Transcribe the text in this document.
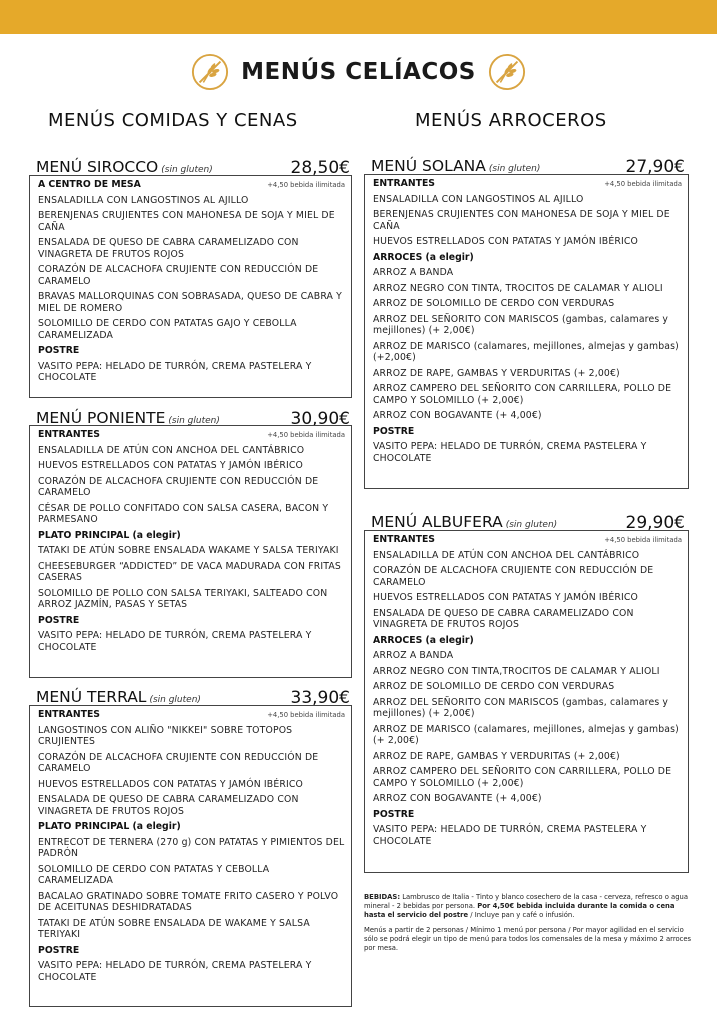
MENÚS CELÍACOS
MENÚS COMIDAS Y CENAS	MENÚS ARROCEROS
MENÚ SIROCCO (sin gluten)	28,50€
A CENTRO DE MESA	+4,50 bebida ilimitada
ENSALADILLA CON LANGOSTINOS AL AJILLO
BERENJENAS CRUJIENTES CON MAHONESA DE SOJA Y MIEL DE CAÑA
ENSALADA DE QUESO DE CABRA CARAMELIZADO CON VINAGRETA DE FRUTOS ROJOS
CORAZÓN DE ALCACHOFA CRUJIENTE CON REDUCCIÓN DE CARAMELO
BRAVAS MALLORQUINAS CON SOBRASADA, QUESO DE CABRA Y MIEL DE ROMERO
SOLOMILLO DE CERDO CON PATATAS GAJO Y CEBOLLA CARAMELIZADA
POSTRE
VASITO PEPA: HELADO DE TURRÓN, CREMA PASTELERA Y CHOCOLATE
MENÚ PONIENTE (sin gluten)	30,90€
ENTRANTES	+4,50 bebida ilimitada
ENSALADILLA DE ATÚN CON ANCHOA DEL CANTÁBRICO
HUEVOS ESTRELLADOS CON PATATAS Y JAMÓN IBÉRICO
CORAZÓN DE ALCACHOFA CRUJIENTE CON REDUCCIÓN DE CARAMELO
CÉSAR DE POLLO CONFITADO CON SALSA CASERA, BACON Y PARMESANO
PLATO PRINCIPAL (a elegir)
TATAKI DE ATÚN SOBRE ENSALADA WAKAME Y SALSA TERIYAKI
CHEESEBURGER “ADDICTED” DE VACA MADURADA CON FRITAS CASERAS
SOLOMILLO DE POLLO CON SALSA TERIYAKI, SALTEADO CON ARROZ JAZMÍN, PASAS Y SETAS
POSTRE
VASITO PEPA: HELADO DE TURRÓN, CREMA PASTELERA Y CHOCOLATE
MENÚ TERRAL (sin gluten)	33,90€
ENTRANTES	+4,50 bebida ilimitada
LANGOSTINOS CON ALIÑO "NIKKEI" SOBRE TOTOPOS CRUJIENTES
CORAZÓN DE ALCACHOFA CRUJIENTE CON REDUCCIÓN DE CARAMELO
HUEVOS ESTRELLADOS CON PATATAS Y JAMÓN IBÉRICO
ENSALADA DE QUESO DE CABRA CARAMELIZADO CON VINAGRETA DE FRUTOS ROJOS
PLATO PRINCIPAL (a elegir)
ENTRECOT DE TERNERA (270 g) CON PATATAS Y PIMIENTOS DEL PADRÓN
SOLOMILLO DE CERDO CON PATATAS Y CEBOLLA CARAMELIZADA
BACALAO GRATINADO SOBRE TOMATE FRITO CASERO Y POLVO DE ACEITUNAS DESHIDRATADAS
TATAKI DE ATÚN SOBRE ENSALADA DE WAKAME Y SALSA TERIYAKI
POSTRE
VASITO PEPA: HELADO DE TURRÓN, CREMA PASTELERA Y CHOCOLATE
MENÚ SOLANA (sin gluten)	27,90€
ENTRANTES	+4,50 bebida ilimitada
ENSALADILLA CON LANGOSTINOS AL AJILLO
BERENJENAS CRUJIENTES CON MAHONESA DE SOJA Y MIEL DE CAÑA
HUEVOS ESTRELLADOS CON PATATAS Y JAMÓN IBÉRICO
ARROCES (a elegir)
ARROZ A BANDA
ARROZ NEGRO CON TINTA, TROCITOS DE CALAMAR Y ALIOLI
ARROZ DE SOLOMILLO DE CERDO CON VERDURAS
ARROZ DEL SEÑORITO CON MARISCOS (gambas, calamares y mejillones) (+ 2,00€)
ARROZ DE MARISCO (calamares, mejillones, almejas y gambas)(+2,00€)
ARROZ DE RAPE, GAMBAS Y VERDURITAS (+ 2,00€)
ARROZ CAMPERO DEL SEÑORITO CON CARRILLERA, POLLO DE CAMPO Y SOLOMILLO (+ 2,00€)
ARROZ CON BOGAVANTE (+ 4,00€)
POSTRE
VASITO PEPA: HELADO DE TURRÓN, CREMA PASTELERA Y CHOCOLATE
MENÚ ALBUFERA (sin gluten)	29,90€
ENTRANTES	+4,50 bebida ilimitada
ENSALADILLA DE ATÚN CON ANCHOA DEL CANTÁBRICO
CORAZÓN DE ALCACHOFA CRUJIENTE CON REDUCCIÓN DE CARAMELO
HUEVOS ESTRELLADOS CON PATATAS Y JAMÓN IBÉRICO
ENSALADA DE QUESO DE CABRA CARAMELIZADO CON VINAGRETA DE FRUTOS ROJOS
ARROCES (a elegir)
ARROZ A BANDA
ARROZ NEGRO CON TINTA,TROCITOS DE CALAMAR Y ALIOLI
ARROZ DE SOLOMILLO DE CERDO CON VERDURAS
ARROZ DEL SEÑORITO CON MARISCOS (gambas, calamares y mejillones) (+ 2,00€)
ARROZ DE MARISCO (calamares, mejillones, almejas y gambas) (+ 2,00€)
ARROZ DE RAPE, GAMBAS Y VERDURITAS (+ 2,00€)
ARROZ CAMPERO DEL SEÑORITO CON CARRILLERA, POLLO DE CAMPO Y SOLOMILLO (+ 2,00€)
ARROZ CON BOGAVANTE (+ 4,00€)
POSTRE
VASITO PEPA: HELADO DE TURRÓN, CREMA PASTELERA Y CHOCOLATE

BEBIDAS: Lambrusco de Italia - Tinto y blanco cosechero de la casa - cerveza, refresco o agua mineral - 2 bebidas por persona. Por 4,50€ bebida incluida durante la comida o cena hasta el servicio del postre / Incluye pan y café o infusión.

Menús a partir de 2 personas / Mínimo 1 menú por persona / Por mayor agilidad en el servicio sólo se podrá elegir un tipo de menú para todos los comensales de la mesa y máximo 2 arroces por mesa.
